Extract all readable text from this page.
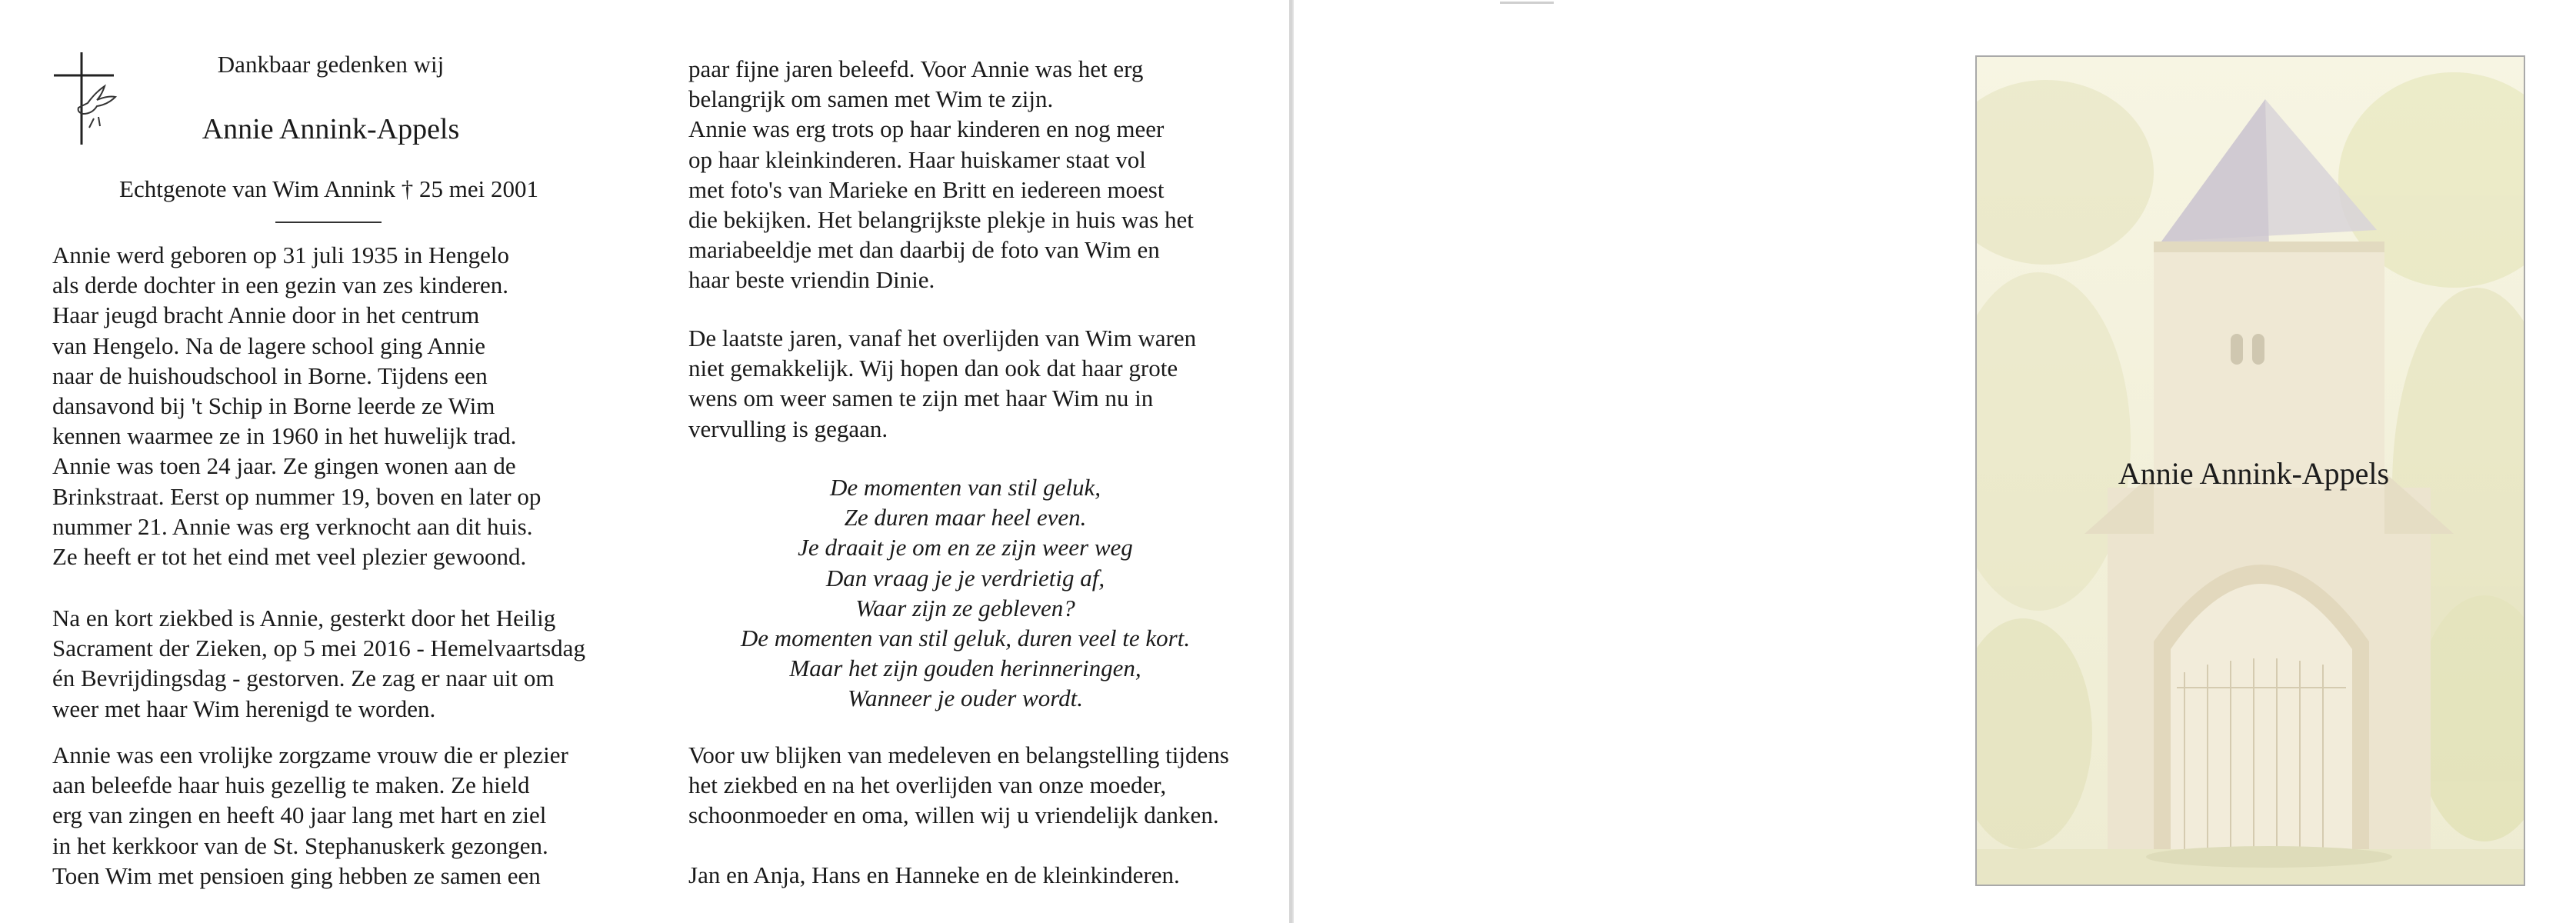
Dankbaar gedenken wij
Annie Annink-Appels
Echtgenote van Wim Annink † 25 mei 2001
Annie werd geboren op 31 juli 1935 in Hengelo
als derde dochter in een gezin van zes kinderen.
Haar jeugd bracht Annie door in het centrum
van Hengelo. Na de lagere school ging Annie
naar de huishoudschool in Borne. Tijdens een
dansavond bij 't Schip in Borne leerde ze Wim
kennen waarmee ze in 1960 in het huwelijk trad.
Annie was toen 24 jaar. Ze gingen wonen aan de
Brinkstraat. Eerst op nummer 19, boven en later op
nummer 21. Annie was erg verknocht aan dit huis.
Ze heeft er tot het eind met veel plezier gewoond.
Na en kort ziekbed is Annie, gesterkt door het Heilig
Sacrament der Zieken, op 5 mei 2016 - Hemelvaartsdag
én Bevrijdingsdag - gestorven. Ze zag er naar uit om
weer met haar Wim herenigd te worden.
Annie was een vrolijke zorgzame vrouw die er plezier
aan beleefde haar huis gezellig te maken. Ze hield
erg van zingen en heeft 40 jaar lang met hart en ziel
in het kerkkoor van de St. Stephanuskerk gezongen.
Toen Wim met pensioen ging hebben ze samen een
paar fijne jaren beleefd. Voor Annie was het erg
belangrijk om samen met Wim te zijn.
Annie was erg trots op haar kinderen en nog meer
op haar kleinkinderen. Haar huiskamer staat vol
met foto's van Marieke en Britt en iedereen moest
die bekijken. Het belangrijkste plekje in huis was het
mariabeeldje met dan daarbij de foto van Wim en
haar beste vriendin Dinie.
De laatste jaren, vanaf het overlijden van Wim waren
niet gemakkelijk. Wij hopen dan ook dat haar grote
wens om weer samen te zijn met haar Wim nu in
vervulling is gegaan.
De momenten van stil geluk,
Ze duren maar heel even.
Je draait je om en ze zijn weer weg
Dan vraag je je verdrietig af,
Waar zijn ze gebleven?
De momenten van stil geluk, duren veel te kort.
Maar het zijn gouden herinneringen,
Wanneer je ouder wordt.
Voor uw blijken van medeleven en belangstelling tijdens
het ziekbed en na het overlijden van onze moeder,
schoonmoeder en oma, willen wij u vriendelijk danken.
Jan en Anja, Hans en Hanneke en de kleinkinderen.
Annie Annink-Appels
